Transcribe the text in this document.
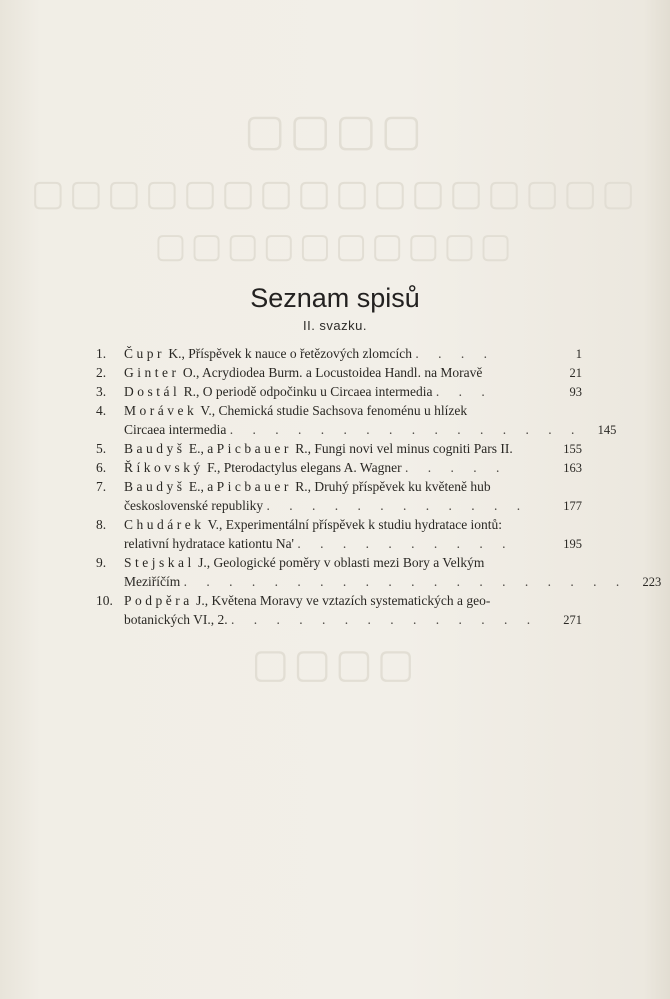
▢▢▢▢
▢▢▢▢▢▢▢▢▢▢▢▢▢▢▢▢
▢▢▢▢▢▢▢▢▢▢
▢▢▢▢
Seznam spisů
II. svazku.
1.	Čupr K., Příspěvek k nauce o řetězových zlomcích . . . .	1
2.	Ginter O., Acrydiodea Burm. a Locustoidea Handl. na Moravě	21
3.	Dostál R., O periodě odpočinku u Circaea intermedia . . .	93
4.	Morávek V., Chemická studie Sachsova fenoménu u hlízek
Circaea intermedia . . . . . . . . . . . . . . . .	145
5.	Baudyš E., a Picbauer R., Fungi novi vel minus cogniti Pars II.	155
6.	Říkovský F., Pterodactylus elegans A. Wagner . . . . .	163
7.	Baudyš E., a Picbauer R., Druhý příspěvek ku květeně hub
československé republiky . . . . . . . . . . . .	177
8.	Chudárek V., Experimentální příspěvek k studiu hydratace iontů:
relativní hydratace kationtu Na' . . . . . . . . . .	195
9.	Stejskal J., Geologické poměry v oblasti mezi Bory a Velkým
Meziříčím . . . . . . . . . . . . . . . . . . . .	223
10. Podpěra J., Květena Moravy ve vztazích systematických a geo-
botanických VI., 2. . . . . . . . . . . . . . .	271
